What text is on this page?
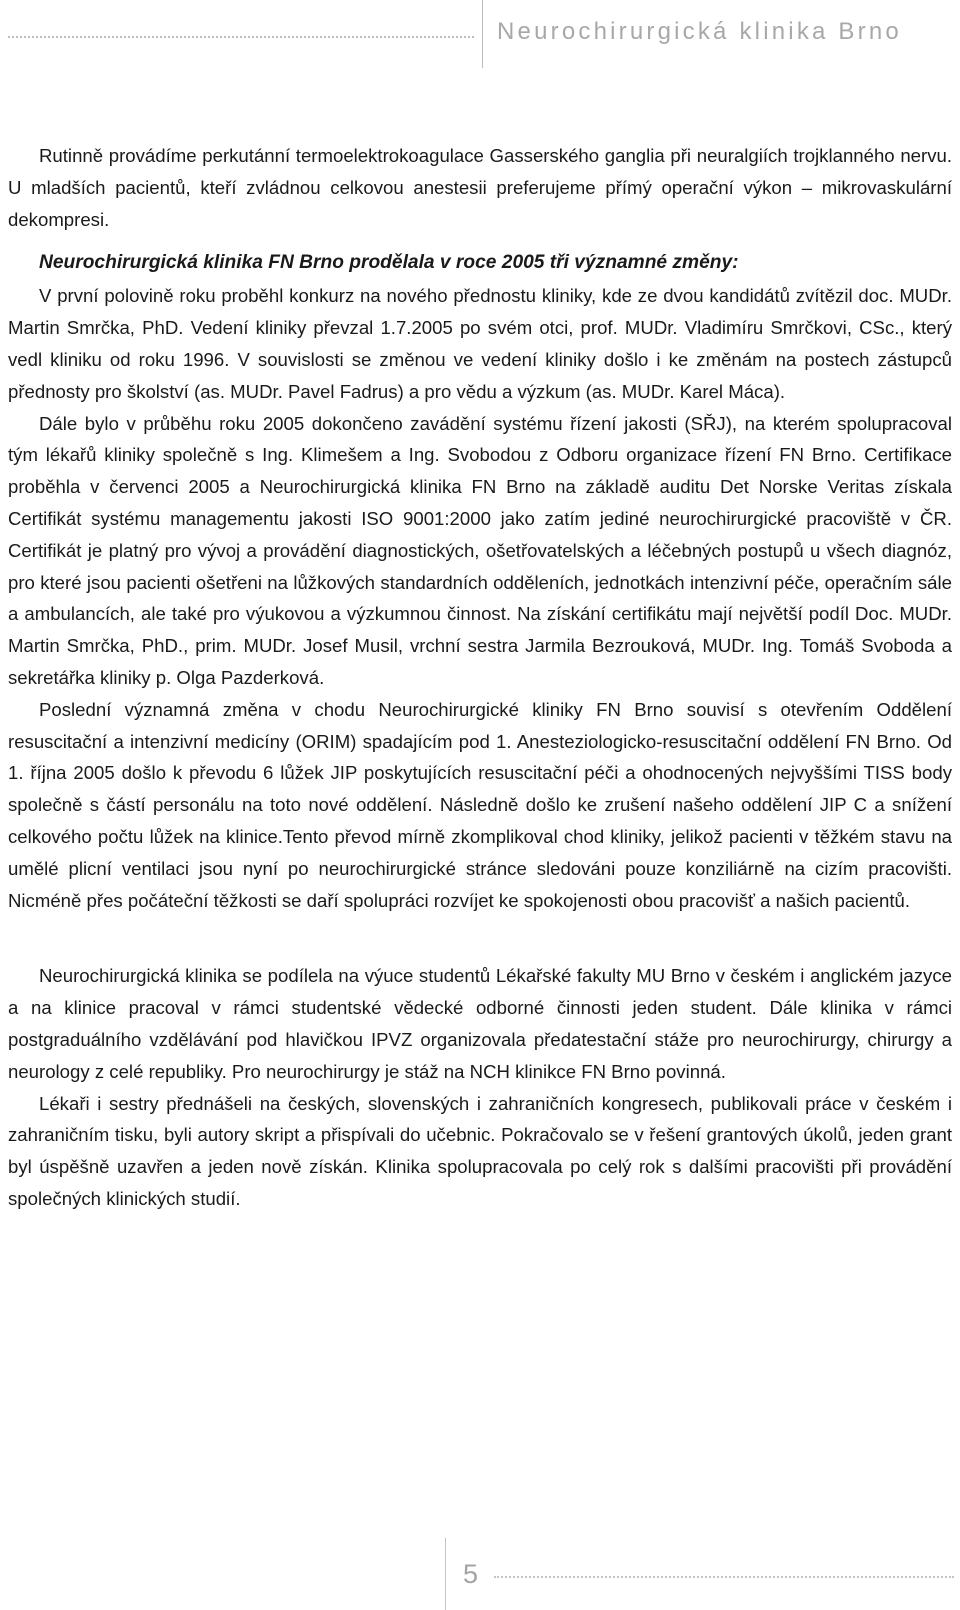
Neurochirurgická klinika Brno

Rutinně provádíme perkutánní termoelektrokoagulace Gasserského ganglia při neuralgiích trojklanného nervu. U mladších pacientů, kteří zvládnou celkovou anestesii preferujeme přímý operační výkon – mikrovaskulární dekompresi.

Neurochirurgická klinika FN Brno prodělala v roce 2005 tři významné změny:

V první polovině roku proběhl konkurz na nového přednostu kliniky, kde ze dvou kandidátů zvítězil doc. MUDr. Martin Smrčka, PhD. Vedení kliniky převzal 1.7.2005 po svém otci, prof. MUDr. Vladimíru Smrčkovi, CSc., který vedl kliniku od roku 1996. V souvislosti se změnou ve vedení kliniky došlo i ke změnám na postech zástupců přednosty pro školství (as. MUDr. Pavel Fadrus) a pro vědu a výzkum (as. MUDr. Karel Máca).

Dále bylo v průběhu roku 2005 dokončeno zavádění systému řízení jakosti (SŘJ), na kterém spolupracoval tým lékařů kliniky společně s Ing. Klimešem a Ing. Svobodou z Odboru organizace řízení FN Brno. Certifikace proběhla v červenci 2005 a Neurochirurgická klinika FN Brno na základě auditu Det Norske Veritas získala Certifikát systému managementu jakosti ISO 9001:2000 jako zatím jediné neurochirurgické pracoviště v ČR. Certifikát je platný pro vývoj a provádění diagnostických, ošetřovatelských a léčebných postupů u všech diagnóz, pro které jsou pacienti ošetřeni na lůžkových standardních odděleních, jednotkách intenzivní péče, operačním sále a ambulancích, ale také pro výukovou a výzkumnou činnost. Na získání certifikátu mají největší podíl Doc. MUDr. Martin Smrčka, PhD., prim. MUDr. Josef Musil, vrchní sestra Jarmila Bezrouková, MUDr. Ing. Tomáš Svoboda a sekretářka kliniky p. Olga Pazderková.

Poslední významná změna v chodu Neurochirurgické kliniky FN Brno souvisí s otevřením Oddělení resuscitační a intenzivní medicíny (ORIM) spadajícím pod 1. Anesteziologicko-resuscitační oddělení FN Brno. Od 1. října 2005 došlo k převodu 6 lůžek JIP poskytujících resuscitační péči a ohodnocených nejvyššími TISS body společně s částí personálu na toto nové oddělení. Následně došlo ke zrušení našeho oddělení JIP C a snížení celkového počtu lůžek na klinice.Tento převod mírně zkomplikoval chod kliniky, jelikož pacienti v těžkém stavu na umělé plicní ventilaci jsou nyní po neurochirurgické stránce sledováni pouze konziliárně na cizím pracovišti. Nicméně přes počáteční těžkosti se daří spolupráci rozvíjet ke spokojenosti obou pracovišť a našich pacientů.

Neurochirurgická klinika se podílela na výuce studentů Lékařské fakulty MU Brno v českém i anglickém jazyce a na klinice pracoval v rámci studentské vědecké odborné činnosti jeden student. Dále klinika v rámci postgraduálního vzdělávání pod hlavičkou IPVZ organizovala předatestační stáže pro neurochirurgy, chirurgy a neurology z celé republiky. Pro neurochirurgy je stáž na NCH klinikce FN Brno povinná.

Lékaři i sestry přednášeli na českých, slovenských i zahraničních kongresech, publikovali práce v českém i zahraničním tisku, byli autory skript a přispívali do učebnic. Pokračovalo se v řešení grantových úkolů, jeden grant byl úspěšně uzavřen a jeden nově získán. Klinika spolupracovala po celý rok s dalšími pracovišti při provádění společných klinických studií.

5
